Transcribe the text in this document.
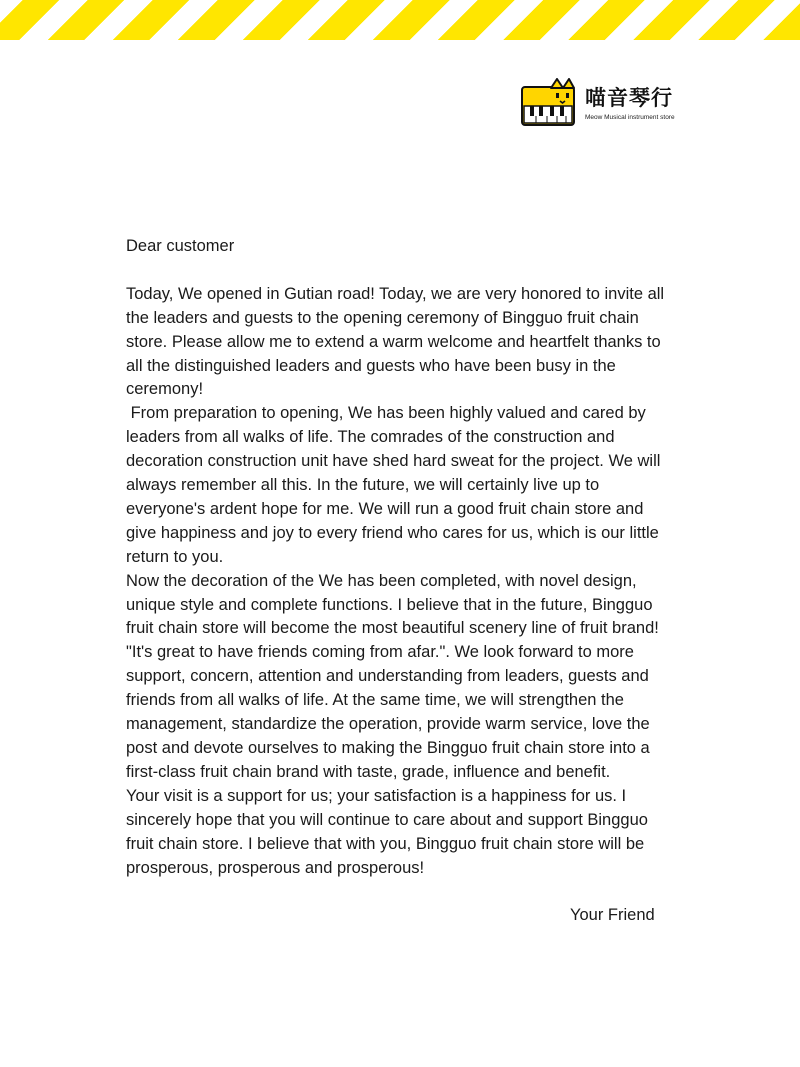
喵音琴行
Meow Musical instrument store

Dear customer

Today, We opened in Gutian road! Today, we are very honored to invite all the leaders and guests to the opening ceremony of Bingguo fruit chain store. Please allow me to extend a warm welcome and heartfelt thanks to all the distinguished leaders and guests who have been busy in the ceremony!

From preparation to opening, We has been highly valued and cared by leaders from all walks of life. The comrades of the construction and decoration construction unit have shed hard sweat for the project. We will always remember all this. In the future, we will certainly live up to everyone's ardent hope for me. We will run a good fruit chain store and give happiness and joy to every friend who cares for us, which is our little return to you.

Now the decoration of the We has been completed, with novel design, unique style and complete functions. I believe that in the future, Bingguo fruit chain store will become the most beautiful scenery line of fruit brand! "It's great to have friends coming from afar.". We look forward to more support, concern, attention and understanding from leaders, guests and friends from all walks of life. At the same time, we will strengthen the management, standardize the operation, provide warm service, love the post and devote ourselves to making the Bingguo fruit chain store into a first-class fruit chain brand with taste, grade, influence and benefit.

Your visit is a support for us; your satisfaction is a happiness for us. I sincerely hope that you will continue to care about and support Bingguo fruit chain store. I believe that with you, Bingguo fruit chain store will be prosperous, prosperous and prosperous!

Your Friend
